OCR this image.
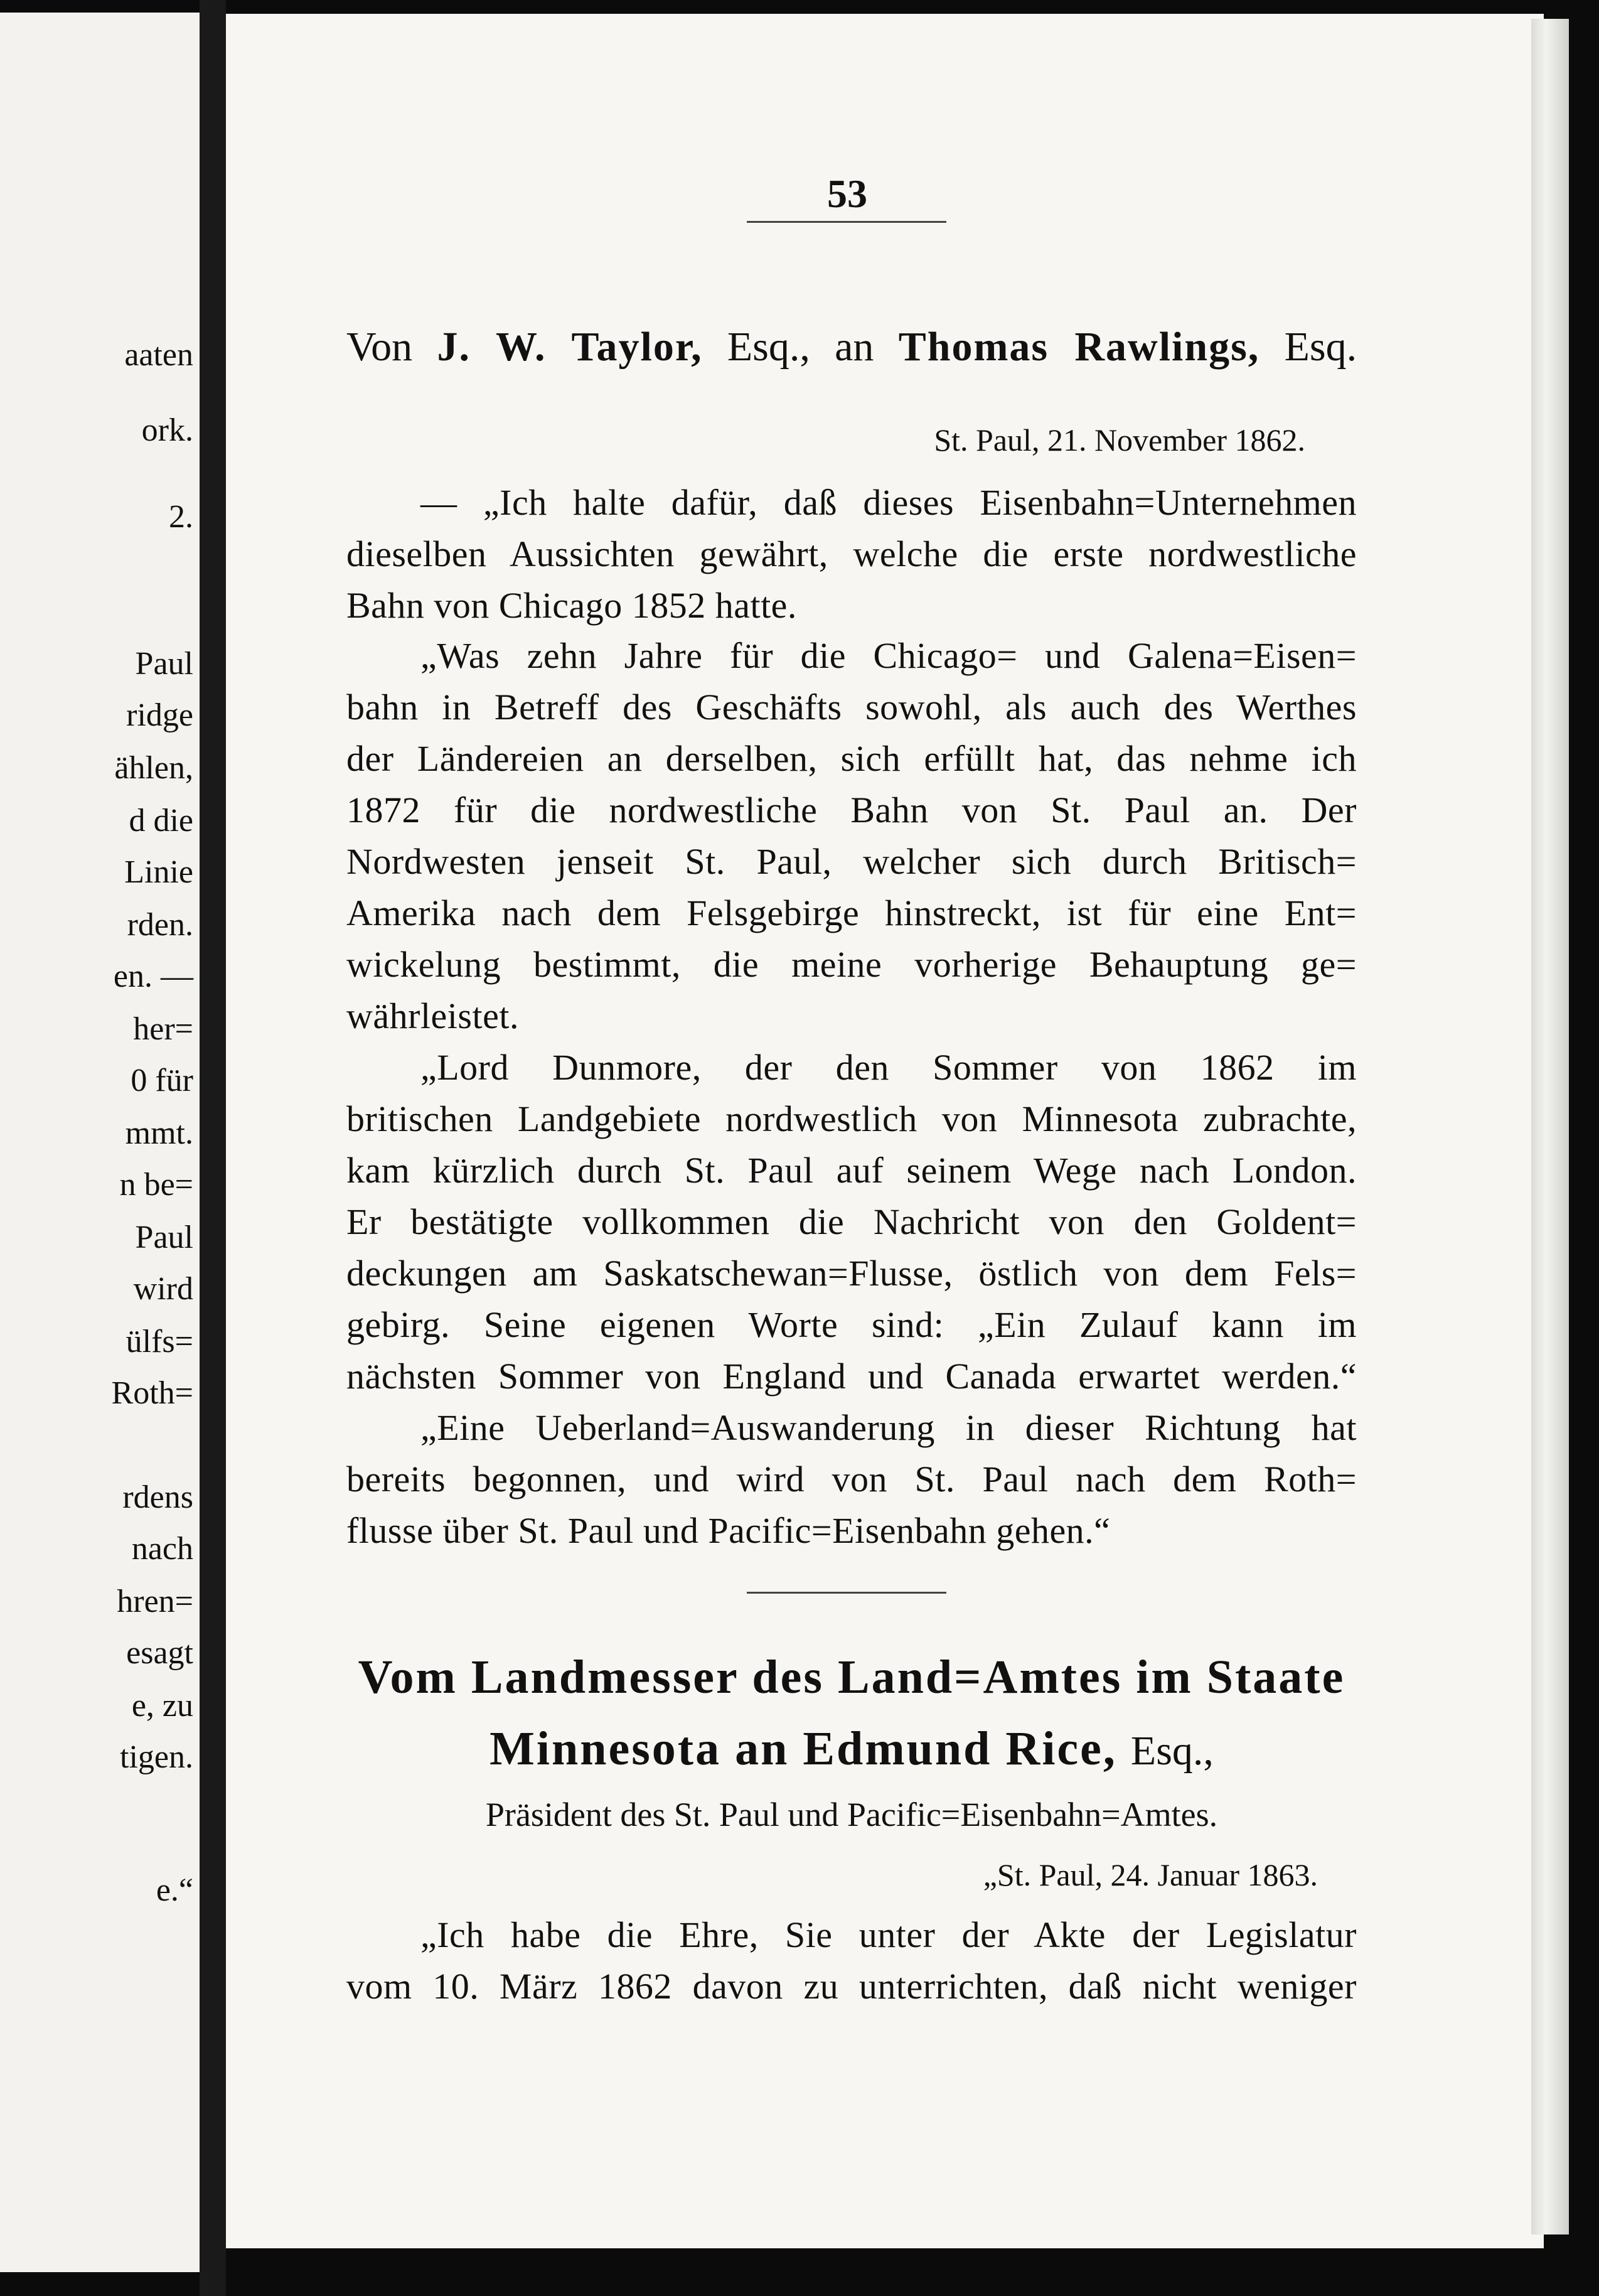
aaten
ork.
2.
Paul
ridge
ählen,
d die
Linie
rden.
en. —
her=
0 für
mmt.
n be=
Paul
wird
ülfs=
Roth=
rdens
nach
hren=
esagt
e, zu
tigen.
e.“
53
Von J. W. Taylor, Esq., an Thomas Rawlings, Esq.
St. Paul, 21. November 1862.
— „Ich halte dafür, daß dieses Eisenbahn=Unternehmen
dieselben Aussichten gewährt, welche die erste nordwestliche
Bahn von Chicago 1852 hatte.
„Was zehn Jahre für die Chicago= und Galena=Eisen=
bahn in Betreff des Geschäfts sowohl, als auch des Werthes
der Ländereien an derselben, sich erfüllt hat, das nehme ich
1872 für die nordwestliche Bahn von St. Paul an. Der
Nordwesten jenseit St. Paul, welcher sich durch Britisch=
Amerika nach dem Felsgebirge hinstreckt, ist für eine Ent=
wickelung bestimmt, die meine vorherige Behauptung ge=
währleistet.
„Lord Dunmore, der den Sommer von 1862 im
britischen Landgebiete nordwestlich von Minnesota zubrachte,
kam kürzlich durch St. Paul auf seinem Wege nach London.
Er bestätigte vollkommen die Nachricht von den Goldent=
deckungen am Saskatschewan=Flusse, östlich von dem Fels=
gebirg. Seine eigenen Worte sind: „Ein Zulauf kann im
nächsten Sommer von England und Canada erwartet werden.“
„Eine Ueberland=Auswanderung in dieser Richtung hat
bereits begonnen, und wird von St. Paul nach dem Roth=
flusse über St. Paul und Pacific=Eisenbahn gehen.“
Vom Landmesser des Land=Amtes im Staate
Minnesota an Edmund Rice, Esq.,
Präsident des St. Paul und Pacific=Eisenbahn=Amtes.
„St. Paul, 24. Januar 1863.
„Ich habe die Ehre, Sie unter der Akte der Legislatur
vom 10. März 1862 davon zu unterrichten, daß nicht weniger
